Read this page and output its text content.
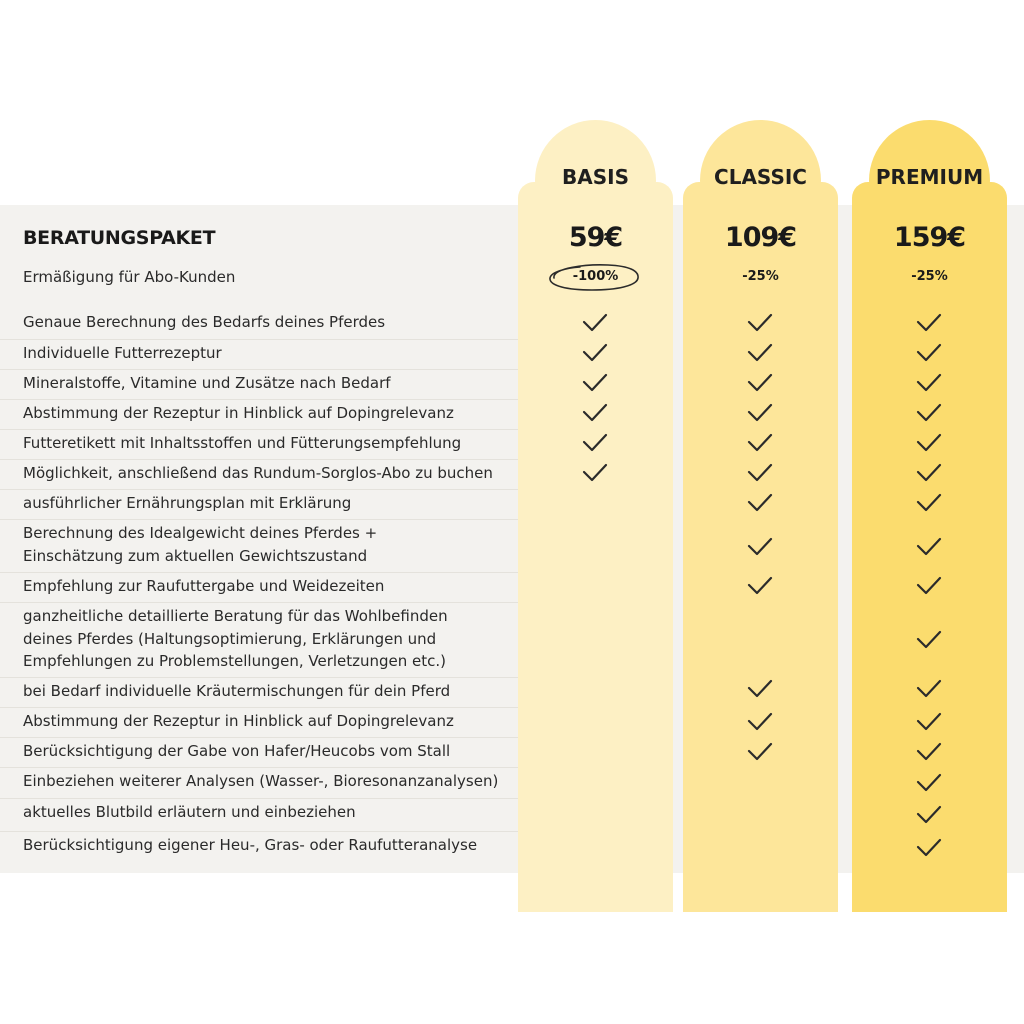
BASIS
59€
-100%
CLASSIC
109€
-25%
PREMIUM
159€
-25%
BERATUNGSPAKET
Ermäßigung für Abo-Kunden
Genaue Berechnung des Bedarfs deines Pferdes
Individuelle Futterrezeptur
Mineralstoffe, Vitamine und Zusätze nach Bedarf
Abstimmung der Rezeptur in Hinblick auf Dopingrelevanz
Futteretikett mit Inhaltsstoffen und Fütterungsempfehlung
Möglichkeit, anschließend das Rundum-Sorglos-Abo zu buchen
ausführlicher Ernährungsplan mit Erklärung
Berechnung des Idealgewicht deines Pferdes +
Einschätzung zum aktuellen Gewichtszustand
Empfehlung zur Raufuttergabe und Weidezeiten
ganzheitliche detaillierte Beratung für das Wohlbefinden
deines Pferdes (Haltungsoptimierung, Erklärungen und
Empfehlungen zu Problemstellungen, Verletzungen etc.)
bei Bedarf individuelle Kräutermischungen für dein Pferd
Abstimmung der Rezeptur in Hinblick auf Dopingrelevanz
Berücksichtigung der Gabe von Hafer/Heucobs vom Stall
Einbeziehen weiterer Analysen (Wasser-, Bioresonanzanalysen)
aktuelles Blutbild erläutern und einbeziehen
Berücksichtigung eigener Heu-, Gras- oder Raufutteranalyse
